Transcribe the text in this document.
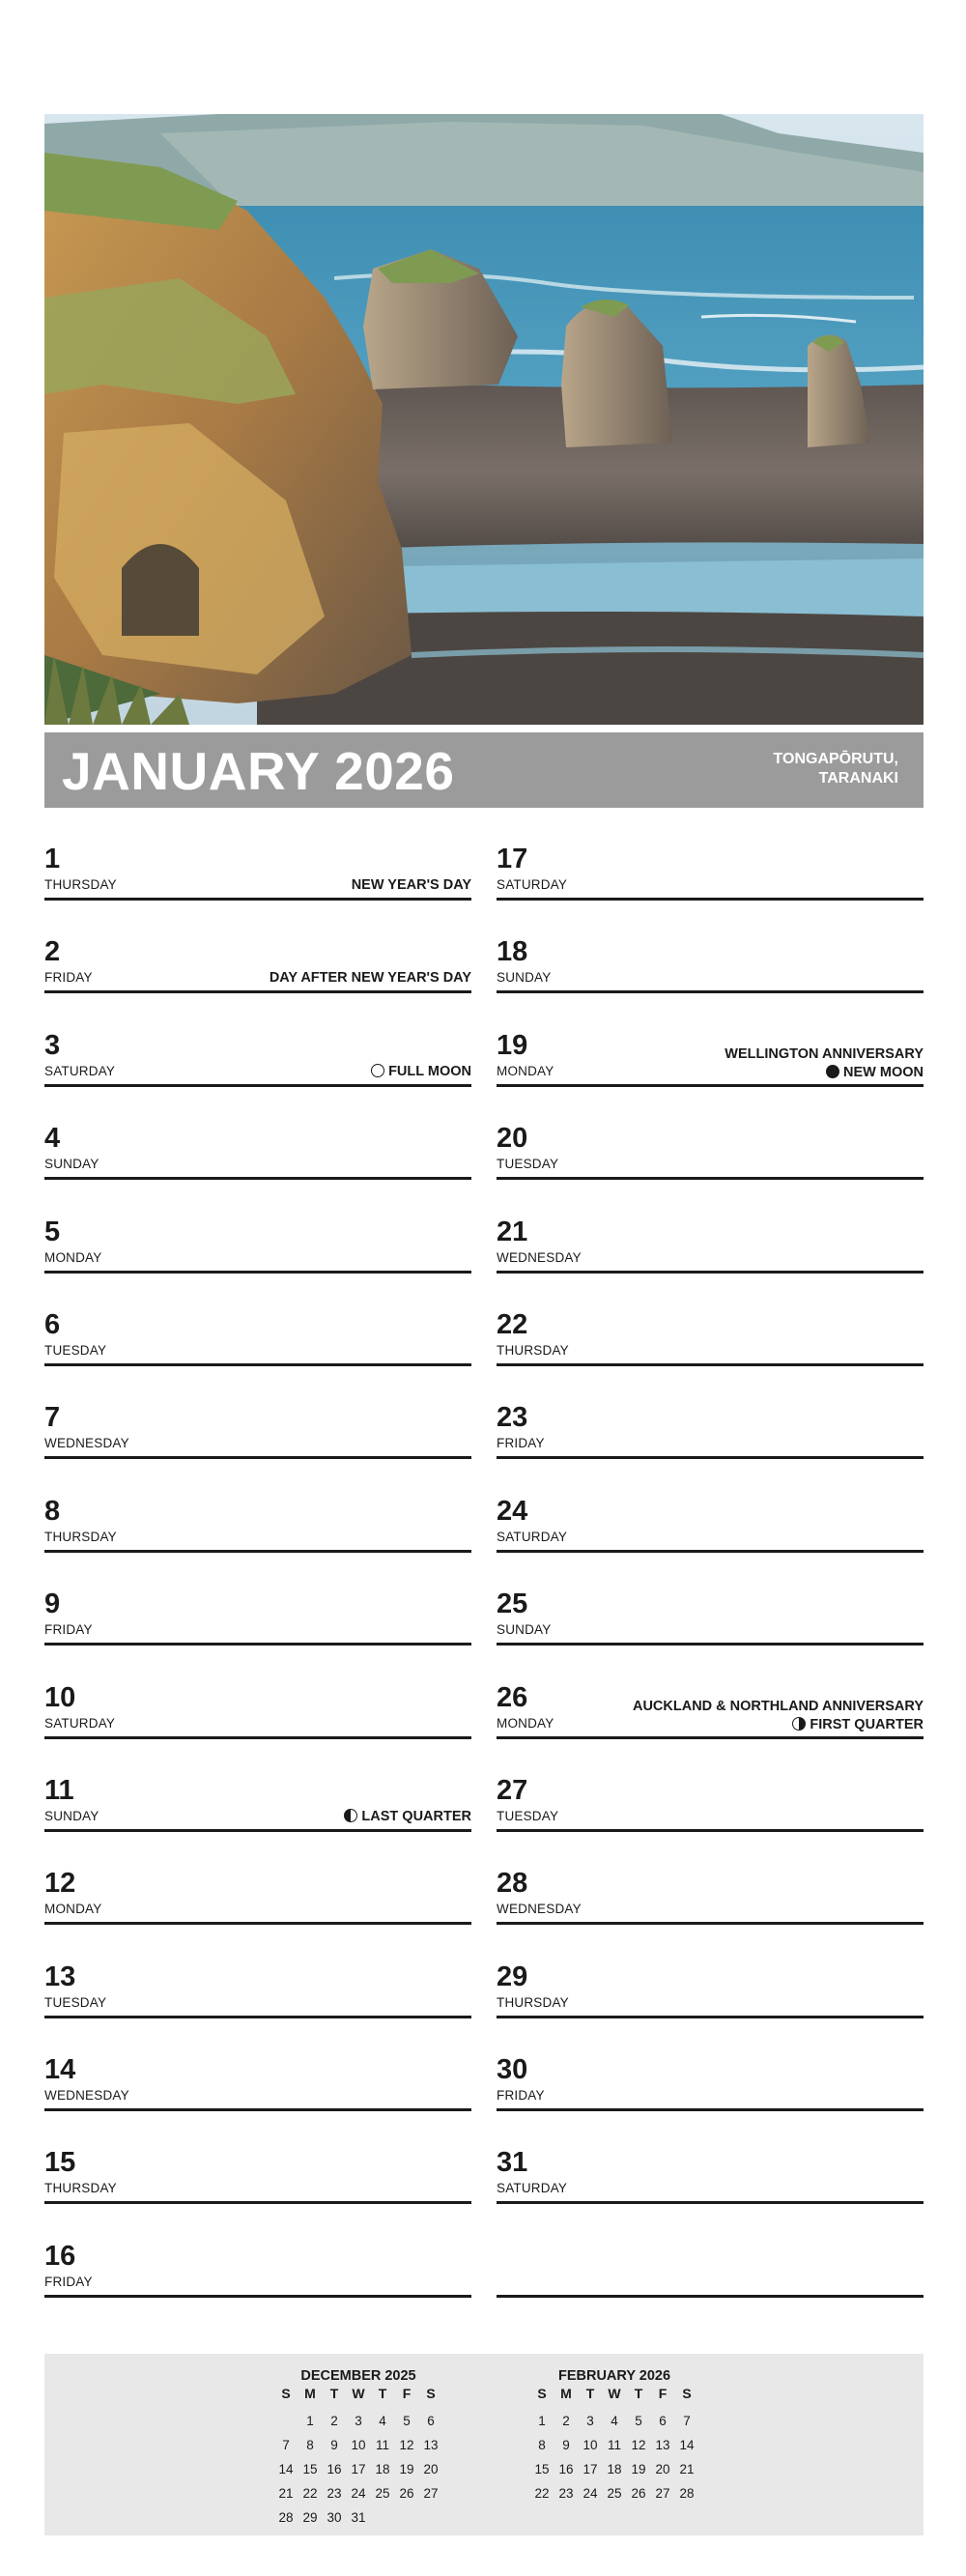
JANUARY 2026	TONGAPŌRUTU,
TARANAKI
1
THURSDAY	NEW YEAR'S DAY
2
FRIDAY	DAY AFTER NEW YEAR'S DAY
3
SATURDAY	FULL MOON
4
SUNDAY
5
MONDAY
6
TUESDAY
7
WEDNESDAY
8
THURSDAY
9
FRIDAY
10
SATURDAY
11
SUNDAY	LAST QUARTER
12
MONDAY
13
TUESDAY
14
WEDNESDAY
15
THURSDAY
16
FRIDAY
17
SATURDAY
18
SUNDAY
19
MONDAY
WELLINGTON ANNIVERSARY
NEW MOON
20
TUESDAY
21
WEDNESDAY
22
THURSDAY
23
FRIDAY
24
SATURDAY
25
SUNDAY
26
MONDAY
AUCKLAND & NORTHLAND ANNIVERSARY
FIRST QUARTER
27
TUESDAY
28
WEDNESDAY
29
THURSDAY
30
FRIDAY
31
SATURDAY
DECEMBER 2025
S	M	T	W	T	F	S

	1	2	3	4	5	6
7	8	9	10	11	12	13
14	15	16	17	18	19	20
21	22	23	24	25	26	27
28	29	30	31			
FEBRUARY 2026
S	M	T	W	T	F	S

1	2	3	4	5	6	7
8	9	10	11	12	13	14
15	16	17	18	19	20	21
22	23	24	25	26	27	28
